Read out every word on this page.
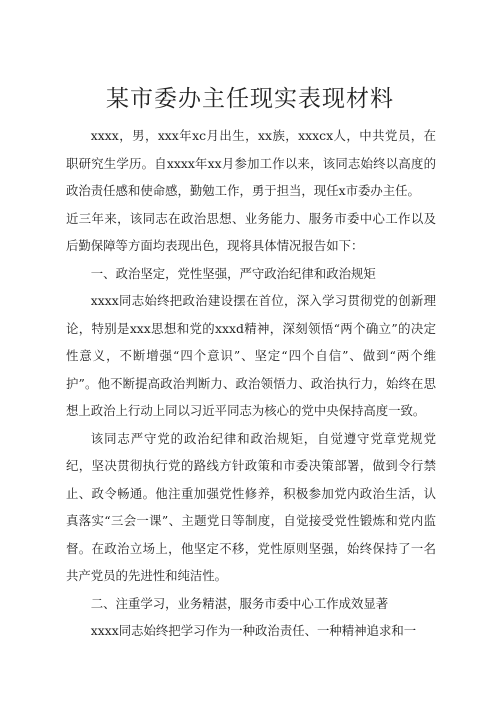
某市委办主任现实表现材料

xxxx，男，xxx年xc月出生，xx族，xxxcx人，中共党员，在职研究生学历。自xxxx年xx月参加工作以来，该同志始终以高度的政治责任感和使命感，勤勉工作，勇于担当，现任x市委办主任。

近三年来，该同志在政治思想、业务能力、服务市委中心工作以及后勤保障等方面均表现出色，现将具体情况报告如下：

一、政治坚定，党性坚强，严守政治纪律和政治规矩

xxxx同志始终把政治建设摆在首位，深入学习贯彻党的创新理论，特别是xxx思想和党的xxxd精神，深刻领悟“两个确立”的决定性意义，不断增强“四个意识”、坚定“四个自信”、做到“两个维护”。他不断提高政治判断力、政治领悟力、政治执行力，始终在思想上政治上行动上同以习近平同志为核心的党中央保持高度一致。

该同志严守党的政治纪律和政治规矩，自觉遵守党章党规党纪，坚决贯彻执行党的路线方针政策和市委决策部署，做到令行禁止、政令畅通。他注重加强党性修养，积极参加党内政治生活，认真落实“三会一课”、主题党日等制度，自觉接受党性锻炼和党内监督。在政治立场上，他坚定不移，党性原则坚强，始终保持了一名共产党员的先进性和纯洁性。

二、注重学习，业务精湛，服务市委中心工作成效显著

xxxx同志始终把学习作为一种政治责任、一种精神追求和一
